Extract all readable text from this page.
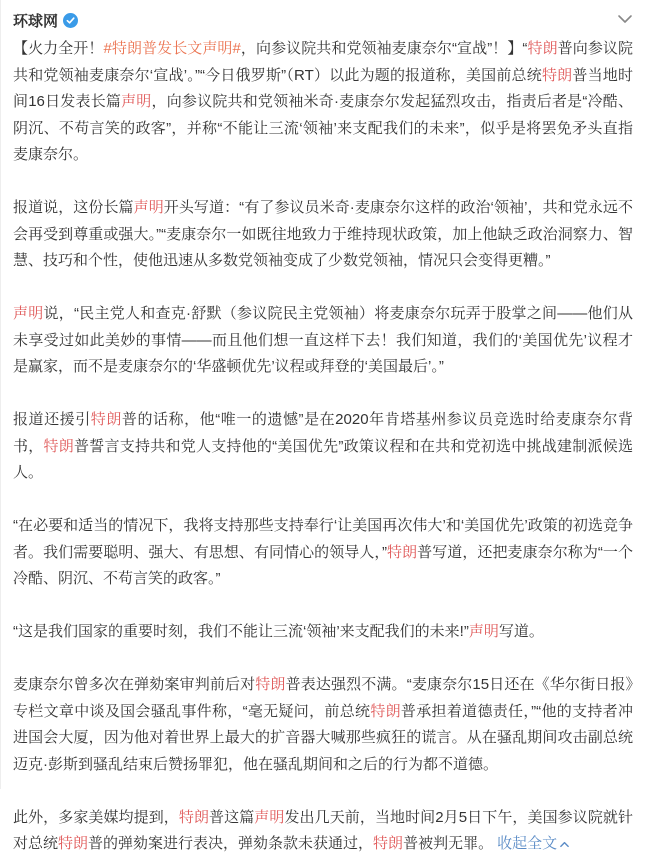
环球网

【火力全开！#特朗普发长文声明#，向参议院共和党领袖麦康奈尔“宣战”！】“特朗普向参议院共和党领袖麦康奈尔‘宣战’。”“今日俄罗斯”（RT）以此为题的报道称，美国前总统特朗普当地时间16日发表长篇声明，向参议院共和党领袖米奇·麦康奈尔发起猛烈攻击，指责后者是“冷酷、阴沉、不苟言笑的政客”，并称“不能让三流‘领袖’来支配我们的未来”，似乎是将罢免矛头直指麦康奈尔。

报道说，这份长篇声明开头写道：“有了参议员米奇·麦康奈尔这样的政治‘领袖’，共和党永远不会再受到尊重或强大。”“麦康奈尔一如既往地致力于维持现状政策，加上他缺乏政治洞察力、智慧、技巧和个性，使他迅速从多数党领袖变成了少数党领袖，情况只会变得更糟。”

声明说，“民主党人和查克·舒默（参议院民主党领袖）将麦康奈尔玩弄于股掌之间——他们从未享受过如此美妙的事情——而且他们想一直这样下去！我们知道，我们的‘美国优先’议程才是赢家，而不是麦康奈尔的‘华盛顿优先’议程或拜登的‘美国最后’。”

报道还援引特朗普的话称，他“唯一的遗憾”是在2020年肯塔基州参议员竞选时给麦康奈尔背书，特朗普誓言支持共和党人支持他的“美国优先”政策议程和在共和党初选中挑战建制派候选人。

“在必要和适当的情况下，我将支持那些支持奉行‘让美国再次伟大’和‘美国优先’政策的初选竞争者。我们需要聪明、强大、有思想、有同情心的领导人，”特朗普写道，还把麦康奈尔称为“一个冷酷、阴沉、不苟言笑的政客。”

“这是我们国家的重要时刻，我们不能让三流‘领袖’来支配我们的未来!”声明写道。

麦康奈尔曾多次在弹劾案审判前后对特朗普表达强烈不满。“麦康奈尔15日还在《华尔街日报》专栏文章中谈及国会骚乱事件称，“毫无疑问，前总统特朗普承担着道德责任，”“他的支持者冲进国会大厦，因为他对着世界上最大的扩音器大喊那些疯狂的谎言。从在骚乱期间攻击副总统迈克·彭斯到骚乱结束后赞扬罪犯，他在骚乱期间和之后的行为都不道德。

此外，多家美媒均提到，特朗普这篇声明发出几天前，当地时间2月5日下午，美国参议院就针对总统特朗普的弹劾案进行表决，弹劾条款未获通过，特朗普被判无罪。 收起全文
